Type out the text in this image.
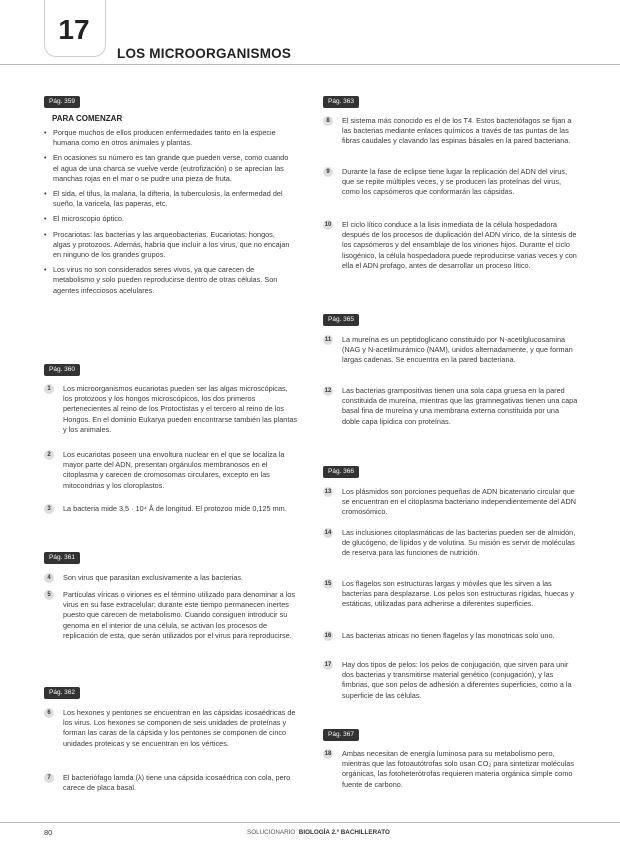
17
LOS MICROORGANISMOS
Pág. 359
PARA COMENZAR
• Porque muchos de ellos producen enfermedades tanto en la especie humana como en otros animales y plantas.
• En ocasiones su número es tan grande que pueden verse, como cuando el agua de una charca se vuelve verde (eutrofización) o se aprecian las manchas rojas en el mar o se pudre una pieza de fruta.
• El sida, el tifus, la malaria, la difteria, la tuberculosis, la enfermedad del sueño, la varicela, las paperas, etc.
• El microscopio óptico.
• Procariotas: las bacterias y las arqueobacterias. Eucariotas: hongos, algas y protozoos. Además, habría que incluir a los virus, que no encajan en ninguno de los grandes grupos.
• Los virus no son considerados seres vivos, ya que carecen de metabolismo y solo pueden reproducirse dentro de otras células. Son agentes infecciosos acelulares.
Pág. 360
1	Los microorganismos eucariotas pueden ser las algas microscópicas, los protozoos y los hongos microscópicos, los dos primeros pertenecientes al reino de los Protoctistas y el tercero al reino de los Hongos. En el dominio Eukarya pueden encontrarse también las plantas y los animales.
2	Los eucariotas poseen una envoltura nuclear en el que se localiza la mayor parte del ADN, presentan orgánulos membranosos en el citoplasma y carecen de cromosomas circulares, excepto en las mitocondrias y los cloroplastos.
3	La bacteria mide 3,5 · 10⁴ Å de longitud. El protozoo mide 0,125 mm.
Pág. 361
4	Son virus que parasitan exclusivamente a las bacterias.
5	Partículas víricas o viriones es el término utilizado para denominar a los virus en su fase extracelular; durante este tiempo permanecen inertes puesto que carecen de metabolismo. Cuando consiguen introducir su genoma en el interior de una célula, se activan los procesos de replicación de esta, que serán utilizados por el virus para reproducirse.
Pág. 362
6	Los hexones y pentones se encuentran en las cápsidas icosaédricas de los virus. Los hexones se componen de seis unidades de proteínas y forman las caras de la cápsida y los pentones se componen de cinco unidades proteicas y se encuentran en los vértices.
7	El bacteriófago lamda (λ) tiene una cápsida icosaédrica con cola, pero carece de placa basal.
Pág. 363
8	El sistema más conocido es el de los T4. Estos bacteriófagos se fijan a las bacterias mediante enlaces químicos a través de tas puntas de las fibras caudales y clavando las espinas básales en la pared bacteriana.
9	Durante la fase de eclipse tiene lugar la replicación del ADN del virus, que se repite múltiples veces, y se producen las proteínas del virus, como los capsómeros que conformarán las cápsidas.
10 El ciclo lítico conduce a la lisis inmediata de la célula hospedadora después de los procesos de duplicación del ADN vírico, de la síntesis de los capsómeros y del ensamblaje de los viriones hijos. Durante el ciclo lisogénico, la célula hospedadora puede reproducirse varias veces y con ella el ADN profago, antes de desarrollar un proceso lítico.
Pág. 365
11 La mureína es un peptidoglicano constituido por N-acetilglucosamina (NAG y N-acetilmurámico (NAM), unidos alternadamente, y que forman largas cadenas. Se encuentra en la pared bacteriana.
12 Las bacterias grampositivas tienen una sola capa gruesa en la pared constituida de mureína, mientras que las gramnegativas tienen una capa basal fina de mureína y una membrana externa constituida por una doble capa lipídica con proteínas.
Pág. 366
13 Los plásmidos son porciones pequeñas de ADN bicatenario circular que se encuentran en el citoplasma bacteriano independientemente del ADN cromosómico.
14 Las inclusiones citoplasmáticas de las bacterias pueden ser de almidón, de glucógeno, de lípidos y de volutina. Su misión es servir de moléculas de reserva para las funciones de nutrición.
15 Los flagelos son estructuras largas y móviles que les sirven a las bacterias para desplazarse. Los pelos son estructuras rígidas, huecas y estáticas, utilizadas para adherirse a diferentes superficies.
16 Las bacterias atricas no tienen flagelos y las monotricas solo uno.
17 Hay dos tipos de pelos: los pelos de conjugación, que sirven para unir dos bacterias y transmitirse material genético (conjugación), y las fimbrias, que son pelos de adhesión a diferentes superficies, como a la superficie de las células.
Pág. 367
18 Ambas necesitan de energía luminosa para su metabolismo pero, mientras que las fotoautótrofas solo usan CO₂ para sintetizar moléculas orgánicas, las fotoheterótrofas requieren materia orgánica simple como fuente de carbono.
80	SOLUCIONARIO BIOLOGÍA 2.º BACHILLERATO
